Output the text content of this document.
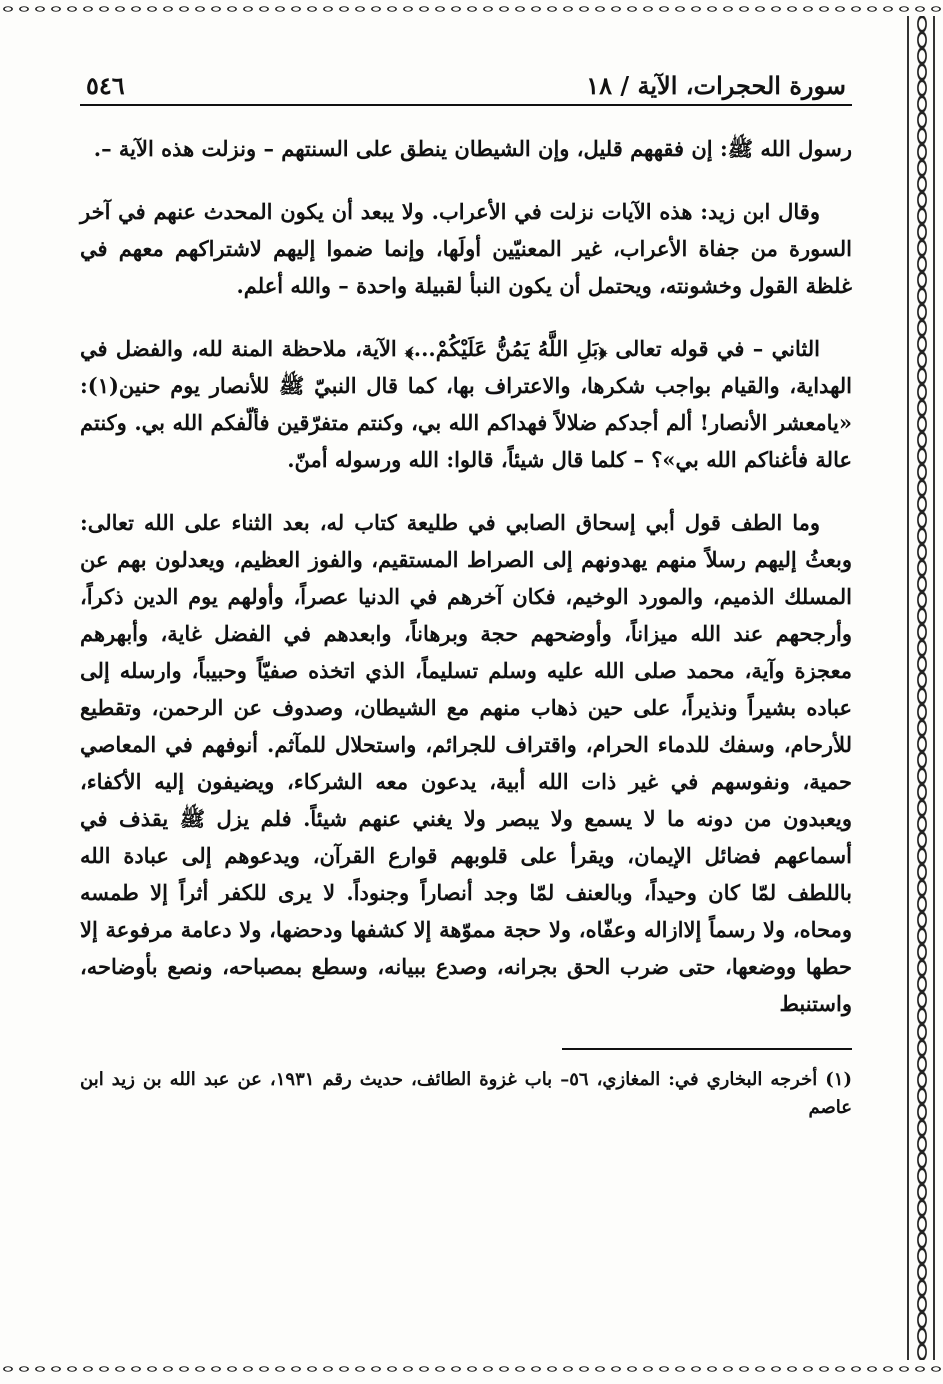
سورة الحجرات، الآية / ١٨
٥٤٦

رسول الله ﷺ: إن فقههم قليل، وإن الشيطان ينطق على السنتهم – ونزلت هذه الآية –.

وقال ابن زيد: هذه الآيات نزلت في الأعراب. ولا يبعد أن يكون المحدث عنهم في آخر السورة من جفاة الأعراب، غير المعنيّين أولَها، وإنما ضموا إليهم لاشتراكهم معهم في غلظة القول وخشونته، ويحتمل أن يكون النبأ لقبيلة واحدة – والله أعلم.

الثاني – في قوله تعالى ﴿بَلِ اللَّهُ يَمُنُّ عَلَيْكُمْ...﴾ الآية، ملاحظة المنة لله، والفضل في الهداية، والقيام بواجب شكرها، والاعتراف بها، كما قال النبيّ ﷺ للأنصار يوم حنين(١): «يامعشر الأنصار! ألم أجدكم ضلالاً فهداكم الله بي، وكنتم متفرّقين فألّفكم الله بي. وكنتم عالة فأغناكم الله بي»؟ – كلما قال شيئاً، قالوا: الله ورسوله أمنّ.

وما الطف قول أبي إسحاق الصابي في طليعة كتاب له، بعد الثناء على الله تعالى: وبعثُ إليهم رسلاً منهم يهدونهم إلى الصراط المستقيم، والفوز العظيم، ويعدلون بهم عن المسلك الذميم، والمورد الوخيم، فكان آخرهم في الدنيا عصراً، وأولهم يوم الدين ذكراً، وأرجحهم عند الله ميزاناً، وأوضحهم حجة وبرهاناً، وابعدهم في الفضل غاية، وأبهرهم معجزة وآية، محمد صلى الله عليه وسلم تسليماً، الذي اتخذه صفيّاً وحبيباً، وارسله إلى عباده بشيراً ونذيراً، على حين ذهاب منهم مع الشيطان، وصدوف عن الرحمن، وتقطيع للأرحام، وسفك للدماء الحرام، واقتراف للجرائم، واستحلال للمآثم. أنوفهم في المعاصي حمية، ونفوسهم في غير ذات الله أبية، يدعون معه الشركاء، ويضيفون إليه الأكفاء، ويعبدون من دونه ما لا يسمع ولا يبصر ولا يغني عنهم شيئاً. فلم يزل ﷺ يقذف في أسماعهم فضائل الإيمان، ويقرأ على قلوبهم قوارع القرآن، ويدعوهم إلى عبادة الله باللطف لمّا كان وحيداً، وبالعنف لمّا وجد أنصاراً وجنوداً. لا يرى للكفر أثراً إلا طمسه ومحاه، ولا رسماً إلاازاله وعفّاه، ولا حجة مموّهة إلا كشفها ودحضها، ولا دعامة مرفوعة إلا حطها ووضعها، حتى ضرب الحق بجرانه، وصدع ببيانه، وسطع بمصباحه، ونصع بأوضاحه، واستنبط

(١) أخرجه البخاري في: المغازي، ٥٦– باب غزوة الطائف، حديث رقم ١٩٣١، عن عبد الله بن زيد ابن عاصم
